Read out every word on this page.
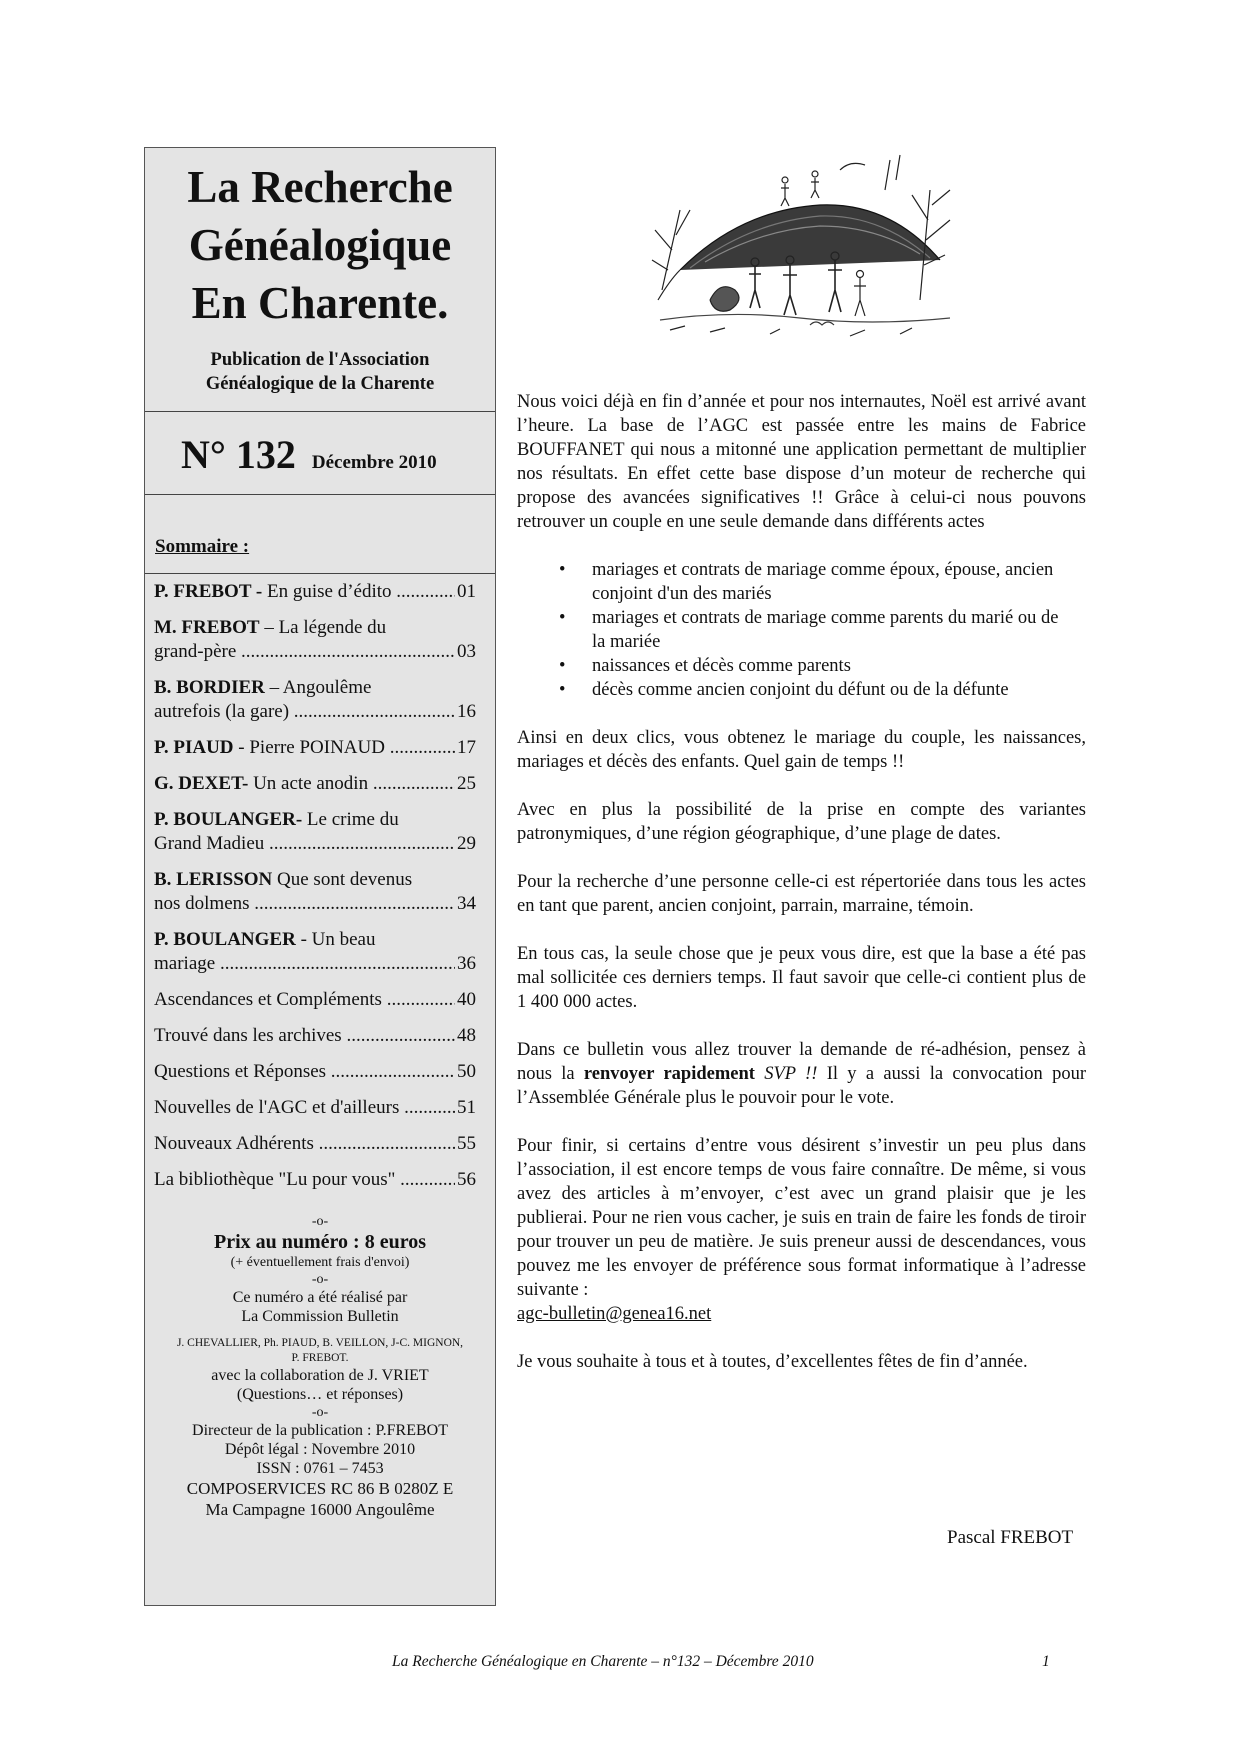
La Recherche
Généalogique
En Charente.
Publication de l'Association
Généalogique de la Charente
N° 132 Décembre 2010
Sommaire :
P. FREBOT - En guise d’édito .....	01
M. FREBOT – La légende du
grand-père .....	03
B. BORDIER – Angoulême
autrefois (la gare) .....	16
P. PIAUD - Pierre POINAUD .....	17
G. DEXET- Un acte anodin .....	25
P. BOULANGER- Le crime du
Grand Madieu .....	29
B. LERISSON Que sont devenus
nos dolmens .....	34
P. BOULANGER - Un beau
mariage .....	36
Ascendances et Compléments .....	40
Trouvé dans les archives .....	48
Questions et Réponses .....	50
Nouvelles de l'AGC et d'ailleurs .....	51
Nouveaux Adhérents .....	55
La bibliothèque "Lu pour vous" .....	56
-o-
Prix au numéro : 8 euros
(+ éventuellement frais d'envoi)
-o-
Ce numéro a été réalisé par
La Commission Bulletin
J. CHEVALLIER, Ph. PIAUD, B. VEILLON, J-C. MIGNON,
P. FREBOT.
avec la collaboration de J. VRIET
(Questions… et réponses)
-o-
Directeur de la publication : P.FREBOT
Dépôt légal : Novembre 2010
ISSN : 0761 – 7453
COMPOSERVICES RC 86 B 0280Z E
Ma Campagne 16000 Angoulême

Nous voici déjà en fin d’année et pour nos internautes, Noël est arrivé avant l’heure. La base de l’AGC est passée entre les mains de Fabrice BOUFFANET qui nous a mitonné une application permettant de multiplier nos résultats. En effet cette base dispose d’un moteur de recherche qui propose des avancées significatives !! Grâce à celui-ci nous pouvons retrouver un couple en une seule demande dans différents actes

• mariages et contrats de mariage comme époux, épouse, ancien conjoint d'un des mariés
• mariages et contrats de mariage comme parents du marié ou de la mariée
• naissances et décès comme parents
• décès comme ancien conjoint du défunt ou de la défunte

Ainsi en deux clics, vous obtenez le mariage du couple, les naissances, mariages et décès des enfants. Quel gain de temps !!

Avec en plus la possibilité de la prise en compte des variantes patronymiques, d’une région géographique, d’une plage de dates.

Pour la recherche d’une personne celle-ci est répertoriée dans tous les actes en tant que parent, ancien conjoint, parrain, marraine, témoin.

En tous cas, la seule chose que je peux vous dire, est que la base a été pas mal sollicitée ces derniers temps. Il faut savoir que celle-ci contient plus de 1 400 000 actes.

Dans ce bulletin vous allez trouver la demande de ré-adhésion, pensez à nous la renvoyer rapidement SVP !! Il y a aussi la convocation pour l’Assemblée Générale plus le pouvoir pour le vote.

Pour finir, si certains d’entre vous désirent s’investir un peu plus dans l’association, il est encore temps de vous faire connaître. De même, si vous avez des articles à m’envoyer, c’est avec un grand plaisir que je les publierai. Pour ne rien vous cacher, je suis en train de faire les fonds de tiroir pour trouver un peu de matière. Je suis preneur aussi de descendances, vous pouvez me les envoyer de préférence sous format informatique à l’adresse suivante :
agc-bulletin@genea16.net

Je vous souhaite à tous et à toutes, d’excellentes fêtes de fin d’année.

Pascal FREBOT
La Recherche Généalogique en Charente – n°132 – Décembre 2010	1
